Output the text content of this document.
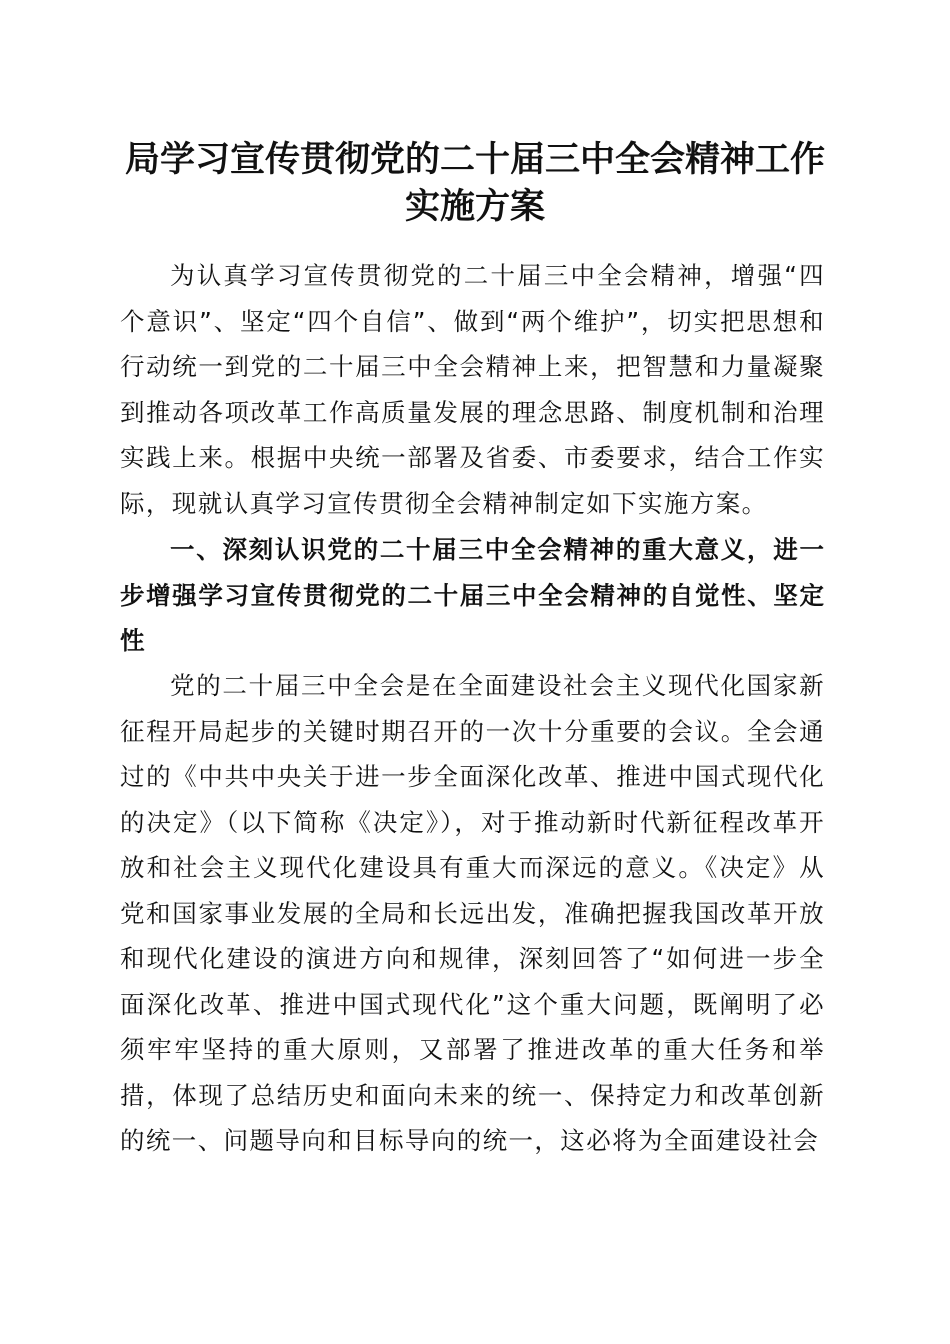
局学习宣传贯彻党的二十届三中全会精神工作
实施方案

为认真学习宣传贯彻党的二十届三中全会精神，增强“四个意识”、坚定“四个自信”、做到“两个维护”，切实把思想和行动统一到党的二十届三中全会精神上来，把智慧和力量凝聚到推动各项改革工作高质量发展的理念思路、制度机制和治理实践上来。根据中央统一部署及省委、市委要求，结合工作实际，现就认真学习宣传贯彻全会精神制定如下实施方案。

一、深刻认识党的二十届三中全会精神的重大意义，进一步增强学习宣传贯彻党的二十届三中全会精神的自觉性、坚定性

党的二十届三中全会是在全面建设社会主义现代化国家新征程开局起步的关键时期召开的一次十分重要的会议。全会通过的《中共中央关于进一步全面深化改革、推进中国式现代化的决定》（以下简称《决定》），对于推动新时代新征程改革开放和社会主义现代化建设具有重大而深远的意义。《决定》从党和国家事业发展的全局和长远出发，准确把握我国改革开放和现代化建设的演进方向和规律，深刻回答了“如何进一步全面深化改革、推进中国式现代化”这个重大问题，既阐明了必须牢牢坚持的重大原则，又部署了推进改革的重大任务和举措，体现了总结历史和面向未来的统一、保持定力和改革创新的统一、问题导向和目标导向的统一，这必将为全面建设社会
